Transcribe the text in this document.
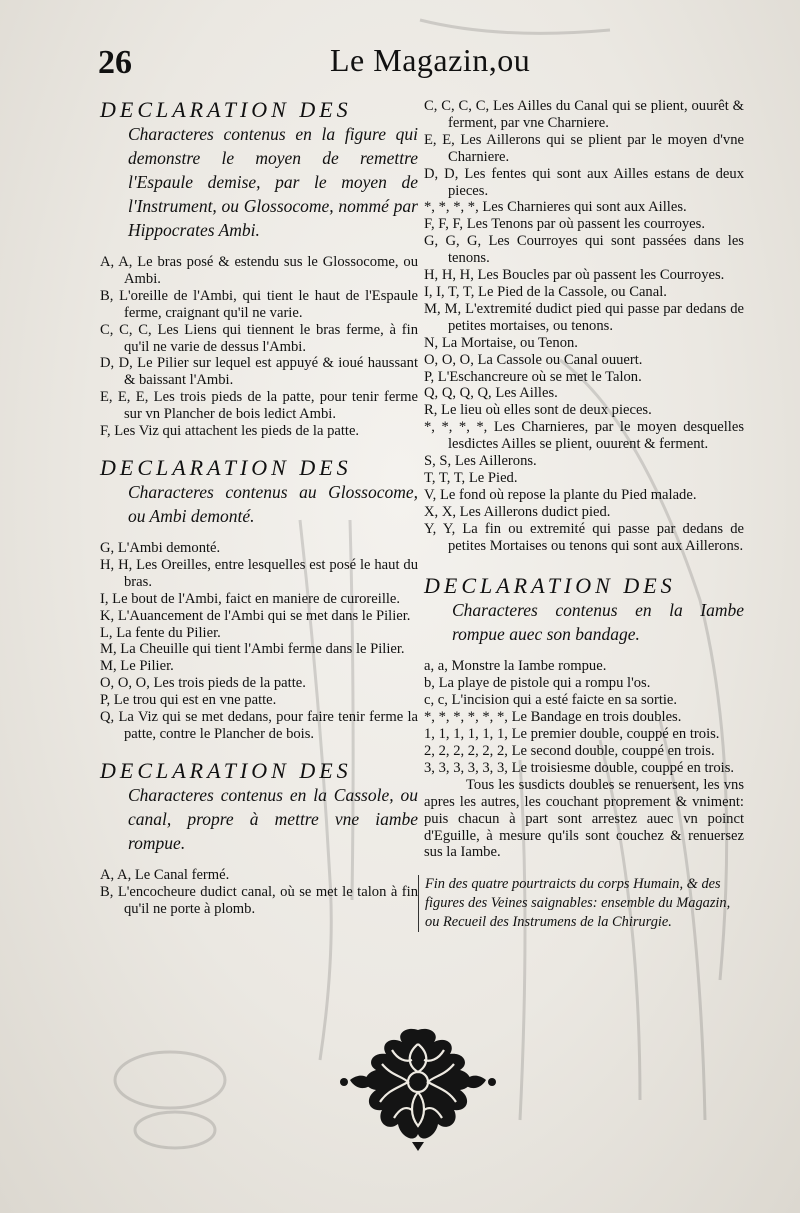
26	Le Magazin,ou
DECLARATION DES
Characteres contenus en la figure qui demonstre le moyen de remettre l'Espaule demise, par le moyen de l'Instrument, ou Glossocome, nommé par Hippocrates Ambi.
A, A, Le bras posé & estendu sus le Glossocome, ou Ambi.
B, L'oreille de l'Ambi, qui tient le haut de l'Espaule ferme, craignant qu'il ne varie.
C, C, C, Les Liens qui tiennent le bras ferme, à fin qu'il ne varie de dessus l'Ambi.
D, D, Le Pilier sur lequel est appuyé & ioué haussant & baissant l'Ambi.
E, E, E, Les trois pieds de la patte, pour tenir ferme sur vn Plancher de bois ledict Ambi.
F, Les Viz qui attachent les pieds de la patte.
DECLARATION DES
Characteres contenus au Glossocome, ou Ambi demonté.
G, L'Ambi demonté.
H, H, Les Oreilles, entre lesquelles est posé le haut du bras.
I, Le bout de l'Ambi, faict en maniere de curoreille.
K, L'Auancement de l'Ambi qui se met dans le Pilier.
L, La fente du Pilier.
M, La Cheuille qui tient l'Ambi ferme dans le Pilier.
M, Le Pilier.
O, O, O, Les trois pieds de la patte.
P, Le trou qui est en vne patte.
Q, La Viz qui se met dedans, pour faire tenir ferme la patte, contre le Plancher de bois.
DECLARATION DES
Characteres contenus en la Cassole, ou canal, propre à mettre vne iambe rompue.
A, A, Le Canal fermé.
B, L'encocheure dudict canal, où se met le talon à fin qu'il ne porte à plomb.
C, C, C, C, Les Ailles du Canal qui se plient, ouurêt & ferment, par vne Charniere.
E, E, Les Aillerons qui se plient par le moyen d'vne Charniere.
D, D, Les fentes qui sont aux Ailles estans de deux pieces.
*, *, *, *, Les Charnieres qui sont aux Ailles.
F, F, F, Les Tenons par où passent les courroyes.
G, G, G, Les Courroyes qui sont passées dans les tenons.
H, H, H, Les Boucles par où passent les Courroyes.
I, I, T, T, Le Pied de la Cassole, ou Canal.
M, M, L'extremité dudict pied qui passe par dedans de petites mortaises, ou tenons.
N, La Mortaise, ou Tenon.
O, O, O, La Cassole ou Canal ouuert.
P, L'Eschancreure où se met le Talon.
Q, Q, Q, Q, Les Ailles.
R, Le lieu où elles sont de deux pieces.
*, *, *, *, Les Charnieres, par le moyen desquelles lesdictes Ailles se plient, ouurent & ferment.
S, S, Les Aillerons.
T, T, T, Le Pied.
V, Le fond où repose la plante du Pied malade.
X, X, Les Aillerons dudict pied.
Y, Y, La fin ou extremité qui passe par dedans de petites Mortaises ou tenons qui sont aux Aillerons.
DECLARATION DES
Characteres contenus en la Iambe rompue auec son bandage.
a, a, Monstre la Iambe rompue.
b, La playe de pistole qui a rompu l'os.
c, c, L'incision qui a esté faicte en sa sortie.
*, *, *, *, *, *, Le Bandage en trois doubles.
1, 1, 1, 1, 1, 1, Le premier double, couppé en trois.
2, 2, 2, 2, 2, 2, Le second double, couppé en trois.
3, 3, 3, 3, 3, 3, Le troisiesme double, couppé en trois.
Tous les susdicts doubles se renuersent, les vns apres les autres, les couchant proprement & vniment: puis chacun à part sont arrestez auec vn poinct d'Eguille, à mesure qu'ils sont couchez & renuersez sus la Iambe.
Fin des quatre pourtraicts du corps Humain, & des figures des Veines saignables: ensemble du Magazin, ou Recueil des Instrumens de la Chirurgie.
